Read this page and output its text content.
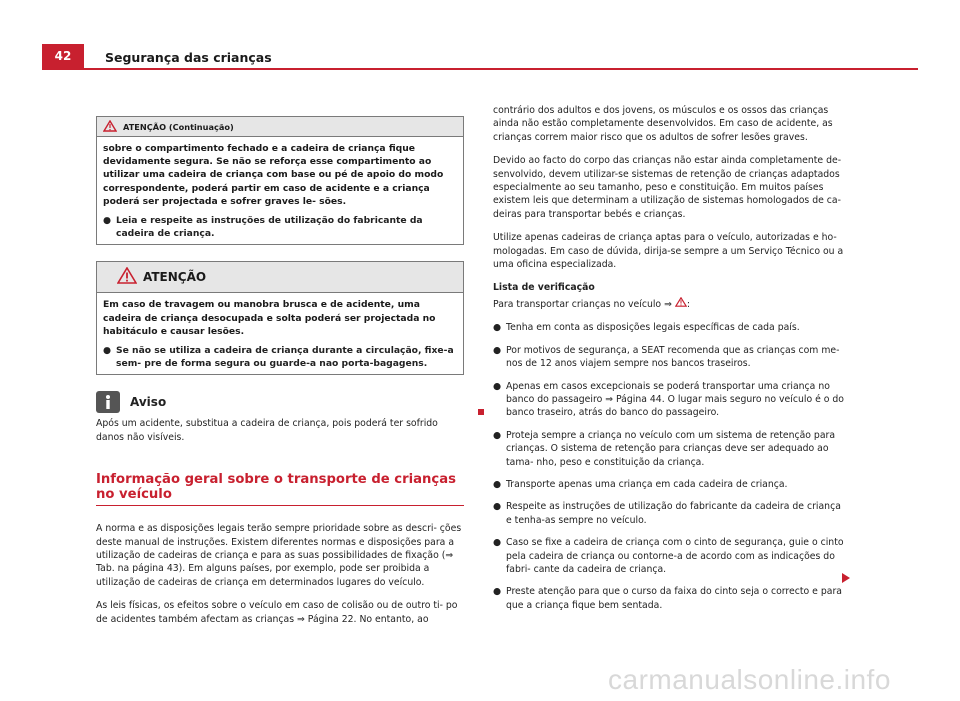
42	Segurança das crianças
ATENÇÃO (Continuação)

sobre o compartimento fechado e a cadeira de criança fique devidamente segura. Se não se reforça esse compartimento ao utilizar uma cadeira de criança com base ou pé de apoio do modo correspondente, poderá partir em caso de acidente e a criança poderá ser projectada e sofrer graves le- sões.

● Leia e respeite as instruções de utilização do fabricante da cadeira de criança.
ATENÇÃO

Em caso de travagem ou manobra brusca e de acidente, uma cadeira de criança desocupada e solta poderá ser projectada no habitáculo e causar lesões.

● Se não se utiliza a cadeira de criança durante a circulação, fixe-a sem- pre de forma segura ou guarde-a nao porta-bagagens.
Aviso

Após um acidente, substitua a cadeira de criança, pois poderá ter sofrido danos não visíveis.

Informação geral sobre o transporte de crianças no veículo

A norma e as disposições legais terão sempre prioridade sobre as descri- ções deste manual de instruções. Existem diferentes normas e disposições para a utilização de cadeiras de criança e para as suas possibilidades de fixação (⇒ Tab. na página 43). Em alguns países, por exemplo, pode ser proibida a utilização de cadeiras de criança em determinados lugares do veículo.

As leis físicas, os efeitos sobre o veículo em caso de colisão ou de outro ti- po de acidentes também afectam as crianças ⇒ Página 22. No entanto, ao

contrário dos adultos e dos jovens, os músculos e os ossos das crianças ainda não estão completamente desenvolvidos. Em caso de acidente, as crianças correm maior risco que os adultos de sofrer lesões graves.

Devido ao facto do corpo das crianças não estar ainda completamente de- senvolvido, devem utilizar-se sistemas de retenção de crianças adaptados especialmente ao seu tamanho, peso e constituição. Em muitos países existem leis que determinam a utilização de sistemas homologados de ca- deiras para transportar bebés e crianças.

Utilize apenas cadeiras de criança aptas para o veículo, autorizadas e ho- mologadas. Em caso de dúvida, dirija-se sempre a um Serviço Técnico ou a uma oficina especializada.

Lista de verificação

Para transportar crianças no veículo ⇒ :

● Tenha em conta as disposições legais específicas de cada país.
● Por motivos de segurança, a SEAT recomenda que as crianças com me- nos de 12 anos viajem sempre nos bancos traseiros.
● Apenas em casos excepcionais se poderá transportar uma criança no banco do passageiro ⇒ Página 44. O lugar mais seguro no veículo é o do banco traseiro, atrás do banco do passageiro.
● Proteja sempre a criança no veículo com um sistema de retenção para crianças. O sistema de retenção para crianças deve ser adequado ao tama- nho, peso e constituição da criança.
● Transporte apenas uma criança em cada cadeira de criança.
● Respeite as instruções de utilização do fabricante da cadeira de criança e tenha-as sempre no veículo.
● Caso se fixe a cadeira de criança com o cinto de segurança, guie o cinto pela cadeira de criança ou contorne-a de acordo com as indicações do fabri- cante da cadeira de criança.
● Preste atenção para que o curso da faixa do cinto seja o correcto e para que a criança fique bem sentada.
carmanualsonline.info
